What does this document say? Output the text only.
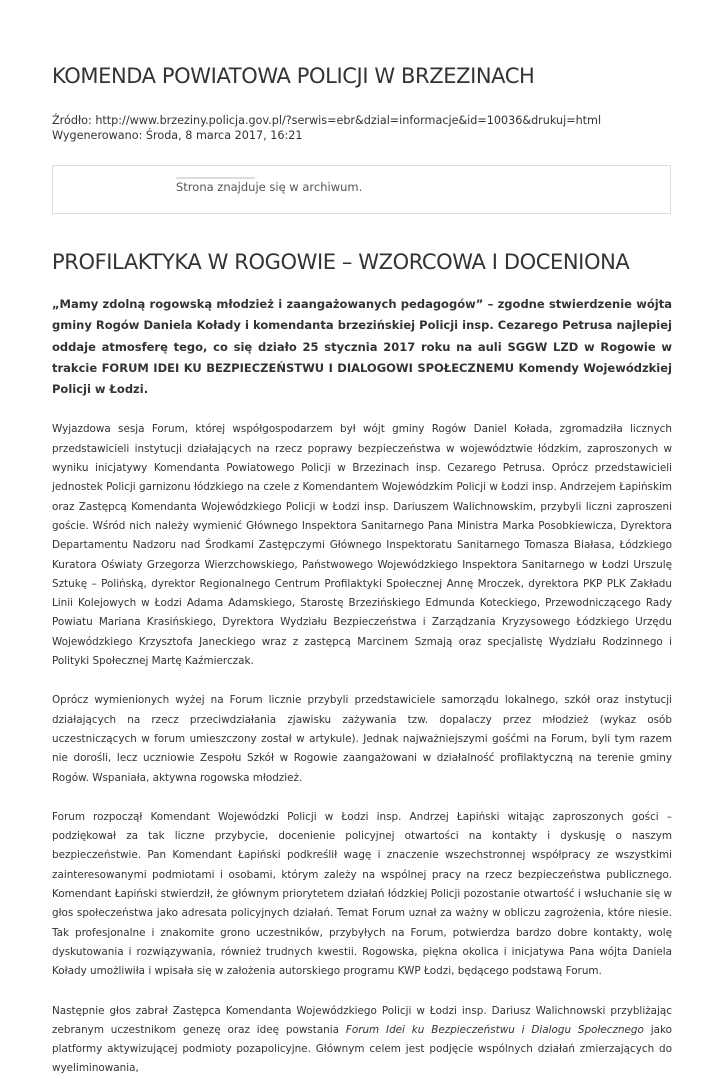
KOMENDA POWIATOWA POLICJI W BRZEZINACH
Źródło: http://www.brzeziny.policja.gov.pl/?serwis=ebr&dzial=informacje&id=10036&drukuj=html
Wygenerowano: Środa, 8 marca 2017, 16:21
Strona znajduje się w archiwum.
PROFILAKTYKA W ROGOWIE – WZORCOWA I DOCENIONA

„Mamy zdolną rogowską młodzież i zaangażowanych pedagogów” – zgodne stwierdzenie wójta gminy Rogów Daniela Kołady i komendanta brzezińskiej Policji insp. Cezarego Petrusa najlepiej oddaje atmosferę tego, co się działo 25 stycznia 2017 roku na auli SGGW LZD w Rogowie w trakcie FORUM IDEI KU BEZPIECZEŃSTWU I DIALOGOWI SPOŁECZNEMU Komendy Wojewódzkiej Policji w Łodzi.

Wyjazdowa sesja Forum, której współgospodarzem był wójt gminy Rogów Daniel Kołada, zgromadziła licznych przedstawicieli instytucji działających na rzecz poprawy bezpieczeństwa w województwie łódzkim, zaproszonych w wyniku inicjatywy Komendanta Powiatowego Policji w Brzezinach insp. Cezarego Petrusa. Oprócz przedstawicieli jednostek Policji garnizonu łódzkiego na czele z Komendantem Wojewódzkim Policji w Łodzi insp. Andrzejem Łapińskim oraz Zastępcą Komendanta Wojewódzkiego Policji w Łodzi insp. Dariuszem Walichnowskim, przybyli liczni zaproszeni goście. Wśród nich należy wymienić Głównego Inspektora Sanitarnego Pana Ministra Marka Posobkiewicza, Dyrektora Departamentu Nadzoru nad Środkami Zastępczymi Głównego Inspektoratu Sanitarnego Tomasza Białasa, Łódzkiego Kuratora Oświaty Grzegorza Wierzchowskiego, Państwowego Wojewódzkiego Inspektora Sanitarnego w Łodzi Urszulę Sztukę – Polińską, dyrektor Regionalnego Centrum Profilaktyki Społecznej Annę Mroczek, dyrektora PKP PLK Zakładu Linii Kolejowych w Łodzi Adama Adamskiego, Starostę Brzezińskiego Edmunda Koteckiego, Przewodniczącego Rady Powiatu Mariana Krasińskiego, Dyrektora Wydziału Bezpieczeństwa i Zarządzania Kryzysowego Łódzkiego Urzędu Wojewódzkiego Krzysztofa Janeckiego wraz z zastępcą Marcinem Szmają oraz specjalistę Wydziału Rodzinnego i Polityki Społecznej Martę Kaźmierczak.

Oprócz wymienionych wyżej na Forum licznie przybyli przedstawiciele samorządu lokalnego, szkół oraz instytucji działających na rzecz przeciwdziałania zjawisku zażywania tzw. dopalaczy przez młodzież (wykaz osób uczestniczących w forum umieszczony został w artykule). Jednak najważniejszymi gośćmi na Forum, byli tym razem nie dorośli, lecz uczniowie Zespołu Szkół w Rogowie zaangażowani w działalność profilaktyczną na terenie gminy Rogów. Wspaniała, aktywna rogowska młodzież.

Forum rozpoczął Komendant Wojewódzki Policji w Łodzi insp. Andrzej Łapiński witając zaproszonych gości – podziękował za tak liczne przybycie, docenienie policyjnej otwartości na kontakty i dyskusję o naszym bezpieczeństwie. Pan Komendant Łapiński podkreślił wagę i znaczenie wszechstronnej współpracy ze wszystkimi zainteresowanymi podmiotami i osobami, którym zależy na wspólnej pracy na rzecz bezpieczeństwa publicznego. Komendant Łapiński stwierdził, że głównym priorytetem działań łódzkiej Policji pozostanie otwartość i wsłuchanie się w głos społeczeństwa jako adresata policyjnych działań. Temat Forum uznał za ważny w obliczu zagrożenia, które niesie. Tak profesjonalne i znakomite grono uczestników, przybyłych na Forum, potwierdza bardzo dobre kontakty, wolę dyskutowania i rozwiązywania, również trudnych kwestii. Rogowska, piękna okolica i inicjatywa Pana wójta Daniela Kołady umożliwiła i wpisała się w założenia autorskiego programu KWP Łodzi, będącego podstawą Forum.

Następnie głos zabrał Zastępca Komendanta Wojewódzkiego Policji w Łodzi insp. Dariusz Walichnowski przybliżając zebranym uczestnikom genezę oraz ideę powstania Forum Idei ku Bezpieczeństwu i Dialogu Społecznego jako platformy aktywizującej podmioty pozapolicyjne. Głównym celem jest podjęcie wspólnych działań zmierzających do wyeliminowania,
